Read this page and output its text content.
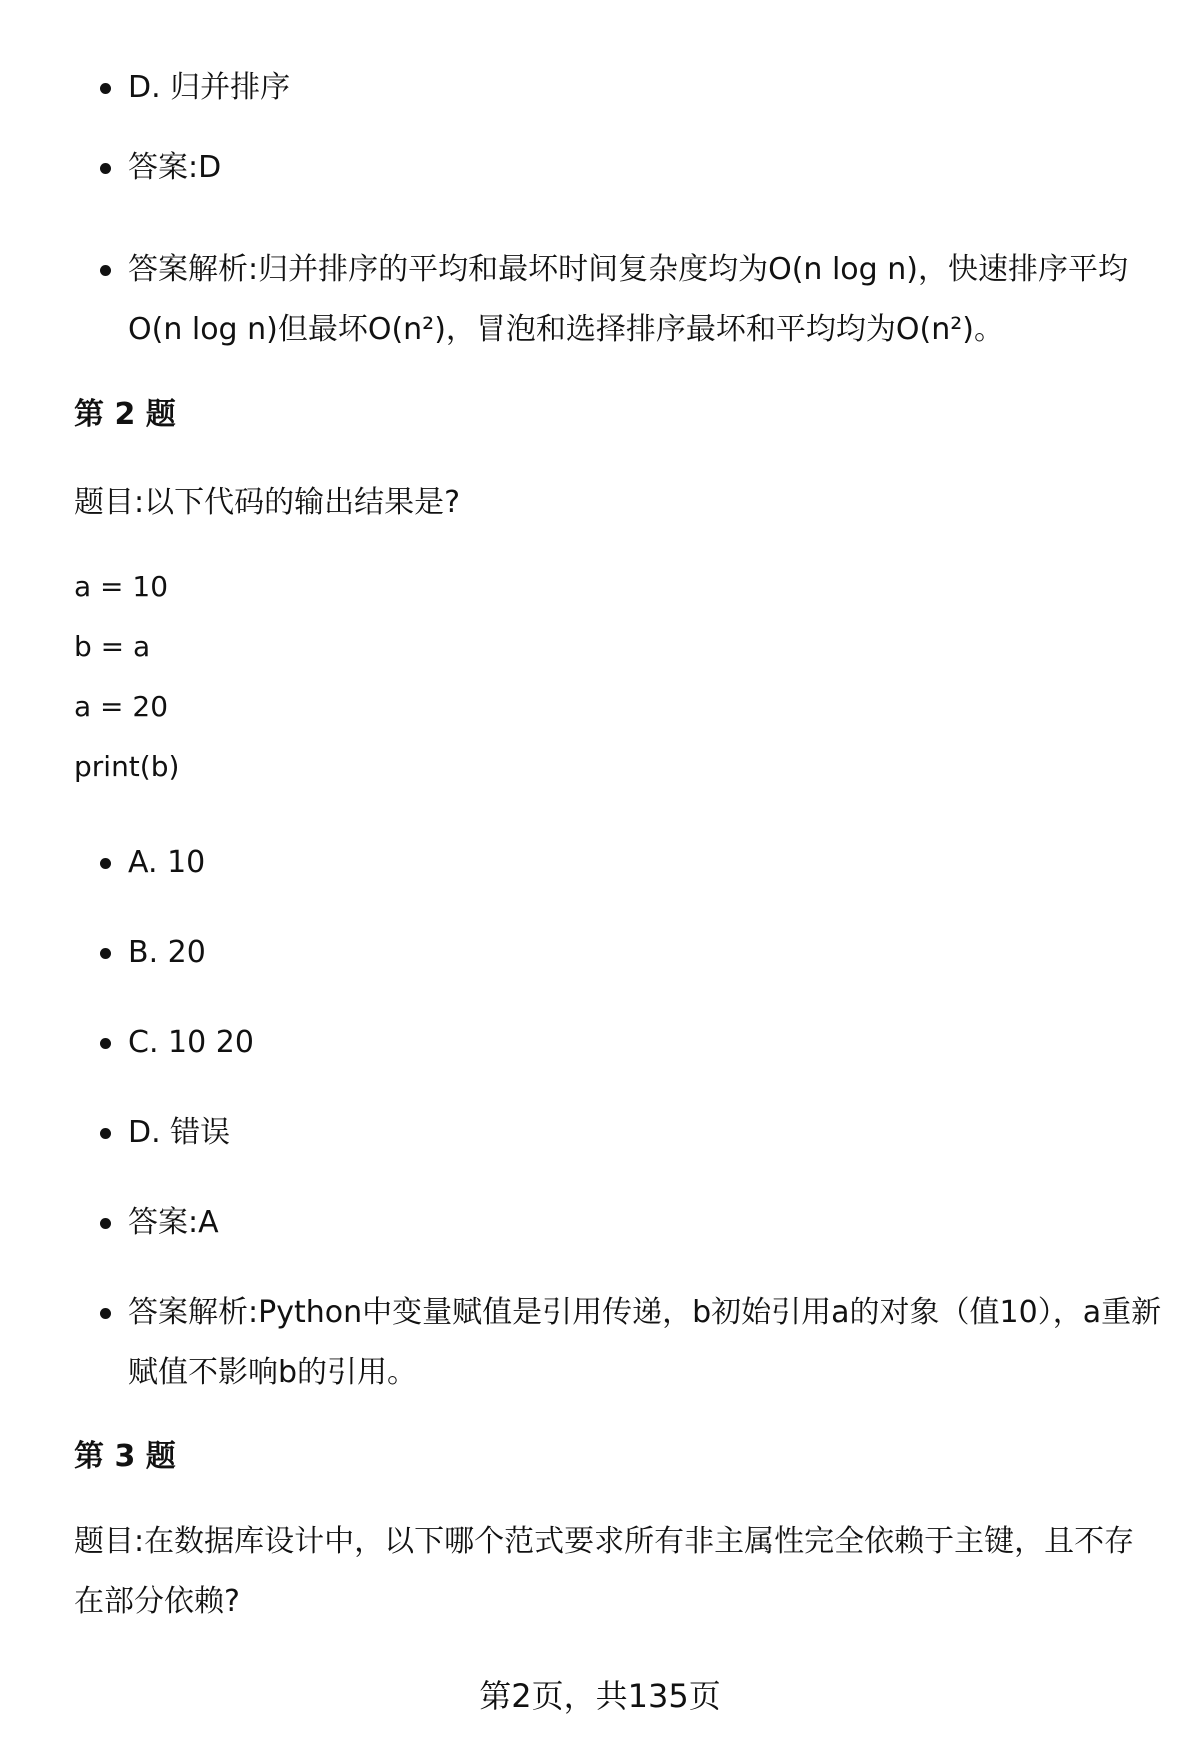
D. 归并排序
答案:D
答案解析:归并排序的平均和最坏时间复杂度均为O(n log n)，快速排序平均O(n log n)但最坏O(n²)，冒泡和选择排序最坏和平均均为O(n²)。
第 2 题
题目:以下代码的输出结果是?
a = 10
b = a
a = 20
print(b)
A. 10
B. 20
C. 10 20
D. 错误
答案:A
答案解析:Python中变量赋值是引用传递，b初始引用a的对象（值10），a重新赋值不影响b的引用。
第 3 题
题目:在数据库设计中，以下哪个范式要求所有非主属性完全依赖于主键，且不存在部分依赖?
第2页，共135页
